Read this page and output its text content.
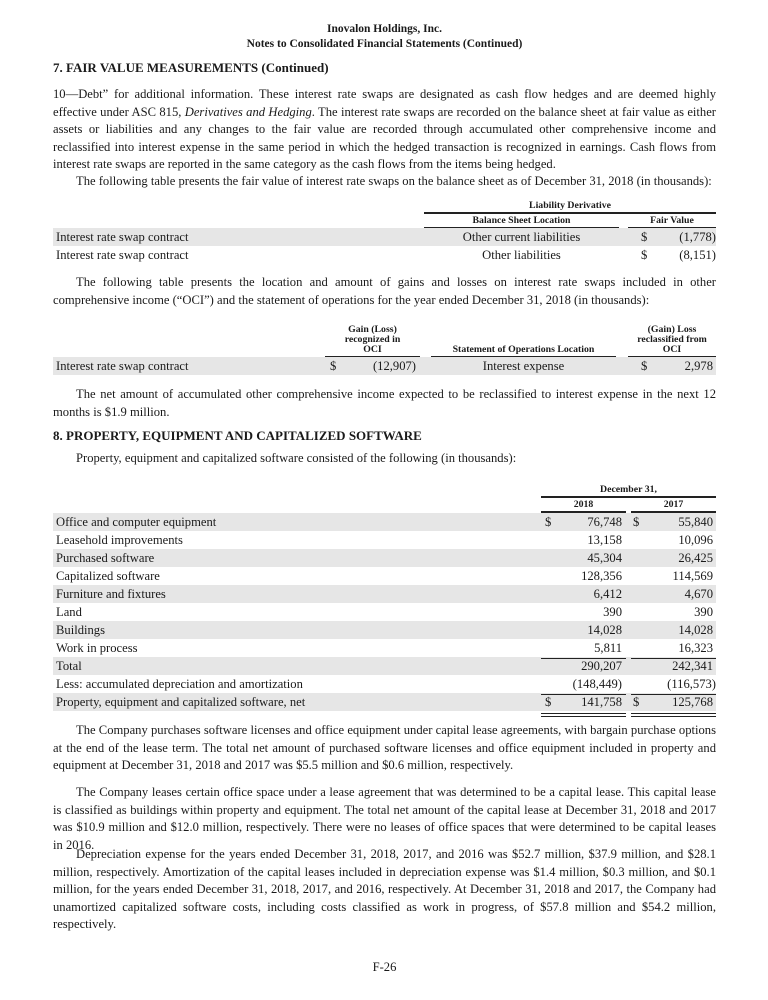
Inovalon Holdings, Inc.
Notes to Consolidated Financial Statements (Continued)
7. FAIR VALUE MEASUREMENTS (Continued)
10—Debt” for additional information. These interest rate swaps are designated as cash flow hedges and are deemed highly effective under ASC 815, Derivatives and Hedging. The interest rate swaps are recorded on the balance sheet at fair value as either assets or liabilities and any changes to the fair value are recorded through accumulated other comprehensive income and reclassified into interest expense in the same period in which the hedged transaction is recognized in earnings. Cash flows from interest rate swaps are reported in the same category as the cash flows from the items being hedged.
The following table presents the fair value of interest rate swaps on the balance sheet as of December 31, 2018 (in thousands):
Liability Derivative
Balance Sheet Location	Fair Value
Interest rate swap contract	Other current liabilities	$	(1,778)
Interest rate swap contract	Other liabilities	$	(8,151)
The following table presents the location and amount of gains and losses on interest rate swaps included in other comprehensive income (“OCI”) and the statement of operations for the year ended December 31, 2018 (in thousands):
Gain (Loss)
recognized in
OCI	Statement of Operations Location
(Gain) Loss
reclassified from
OCI
Interest rate swap contract	$	(12,907)	Interest expense	$	2,978
The net amount of accumulated other comprehensive income expected to be reclassified to interest expense in the next 12 months is $1.9 million.
8. PROPERTY, EQUIPMENT AND CAPITALIZED SOFTWARE
Property, equipment and capitalized software consisted of the following (in thousands):
December 31,
2018	2017
Office and computer equipment	$	76,748 $	55,840
Leasehold improvements	13,158	10,096
Purchased software	45,304	26,425
Capitalized software	128,356	114,569
Furniture and fixtures	6,412	4,670
Land	390	390
Buildings	14,028	14,028
Work in process	5,811	16,323
Total	290,207	242,341
Less: accumulated depreciation and amortization	(148,449)	(116,573)
Property, equipment and capitalized software, net	$	141,758 $	125,768
The Company purchases software licenses and office equipment under capital lease agreements, with bargain purchase options at the end of the lease term. The total net amount of purchased software licenses and office equipment included in property and equipment at December 31, 2018 and 2017 was $5.5 million and $0.6 million, respectively.
The Company leases certain office space under a lease agreement that was determined to be a capital lease. This capital lease is classified as buildings within property and equipment. The total net amount of the capital lease at December 31, 2018 and 2017 was $10.9 million and $12.0 million, respectively. There were no leases of office spaces that were determined to be capital leases in 2016.
Depreciation expense for the years ended December 31, 2018, 2017, and 2016 was $52.7 million, $37.9 million, and $28.1 million, respectively. Amortization of the capital leases included in depreciation expense was $1.4 million, $0.3 million, and $0.1 million, for the years ended December 31, 2018, 2017, and 2016, respectively. At December 31, 2018 and 2017, the Company had unamortized capitalized software costs, including costs classified as work in progress, of $57.8 million and $54.2 million, respectively.
F-26
